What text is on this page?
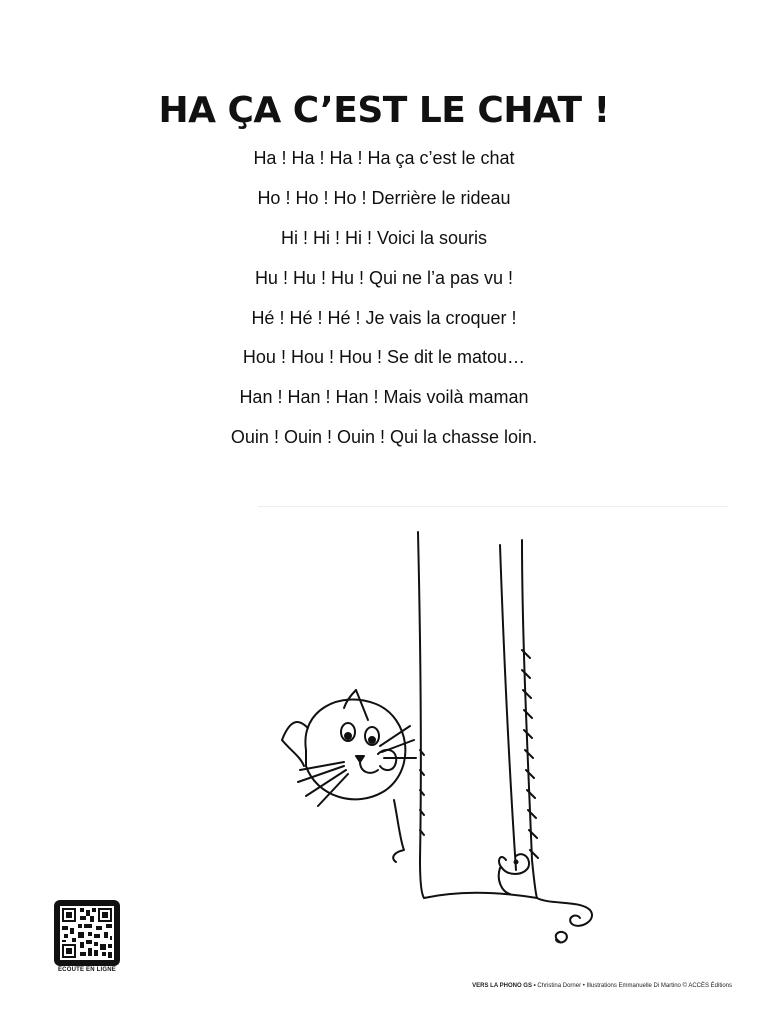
HA ÇA C’EST LE CHAT !
Ha ! Ha ! Ha ! Ha ça c’est le chat
Ho ! Ho ! Ho ! Derrière le rideau
Hi ! Hi ! Hi ! Voici la souris
Hu ! Hu ! Hu ! Qui ne l’a pas vu !
Hé ! Hé ! Hé ! Je vais la croquer !
Hou ! Hou ! Hou ! Se dit le matou…
Han ! Han ! Han ! Mais voilà maman
Ouin ! Ouin ! Ouin ! Qui la chasse loin.
ÉCOUTE EN LIGNE
VERS LA PHONO GS • Christina Dorner • Illustrations Emmanuelle Di Martino © ACCÈS Éditions
